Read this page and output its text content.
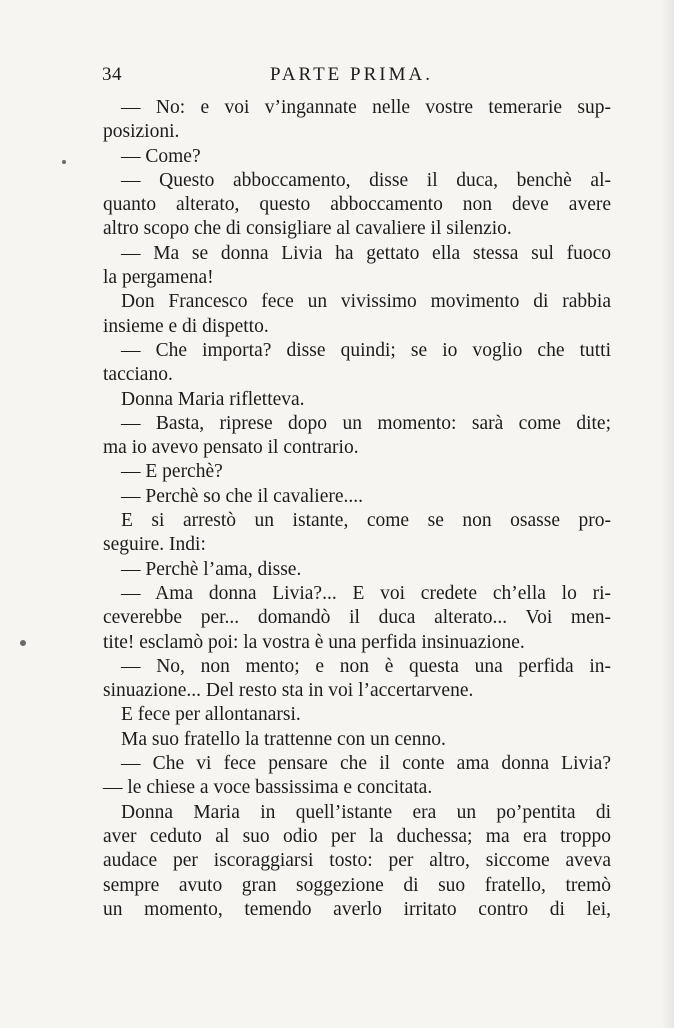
34	PARTE PRIMA.
— No: e voi v’ingannate nelle vostre temerarie sup-
posizioni.
— Come?
— Questo abboccamento, disse il duca, benchè al-
quanto alterato, questo abboccamento non deve avere
altro scopo che di consigliare al cavaliere il silenzio.
— Ma se donna Livia ha gettato ella stessa sul fuoco
la pergamena!
Don Francesco fece un vivissimo movimento di rabbia
insieme e di dispetto.
— Che importa? disse quindi; se io voglio che tutti
tacciano.
Donna Maria rifletteva.
— Basta, riprese dopo un momento: sarà come dite;
ma io avevo pensato il contrario.
— E perchè?
— Perchè so che il cavaliere....
E si arrestò un istante, come se non osasse pro-
seguire. Indi:
— Perchè l’ama, disse.
— Ama donna Livia?... E voi credete ch’ella lo ri-
ceverebbe per... domandò il duca alterato... Voi men-
tite! esclamò poi: la vostra è una perfida insinuazione.
— No, non mento; e non è questa una perfida in-
sinuazione... Del resto sta in voi l’accertarvene.
E fece per allontanarsi.
Ma suo fratello la trattenne con un cenno.
— Che vi fece pensare che il conte ama donna Livia?
— le chiese a voce bassissima e concitata.
Donna Maria in quell’istante era un po’pentita di
aver ceduto al suo odio per la duchessa; ma era troppo
audace per iscoraggiarsi tosto: per altro, siccome aveva
sempre avuto gran soggezione di suo fratello, tremò
un momento, temendo averlo irritato contro di lei,
